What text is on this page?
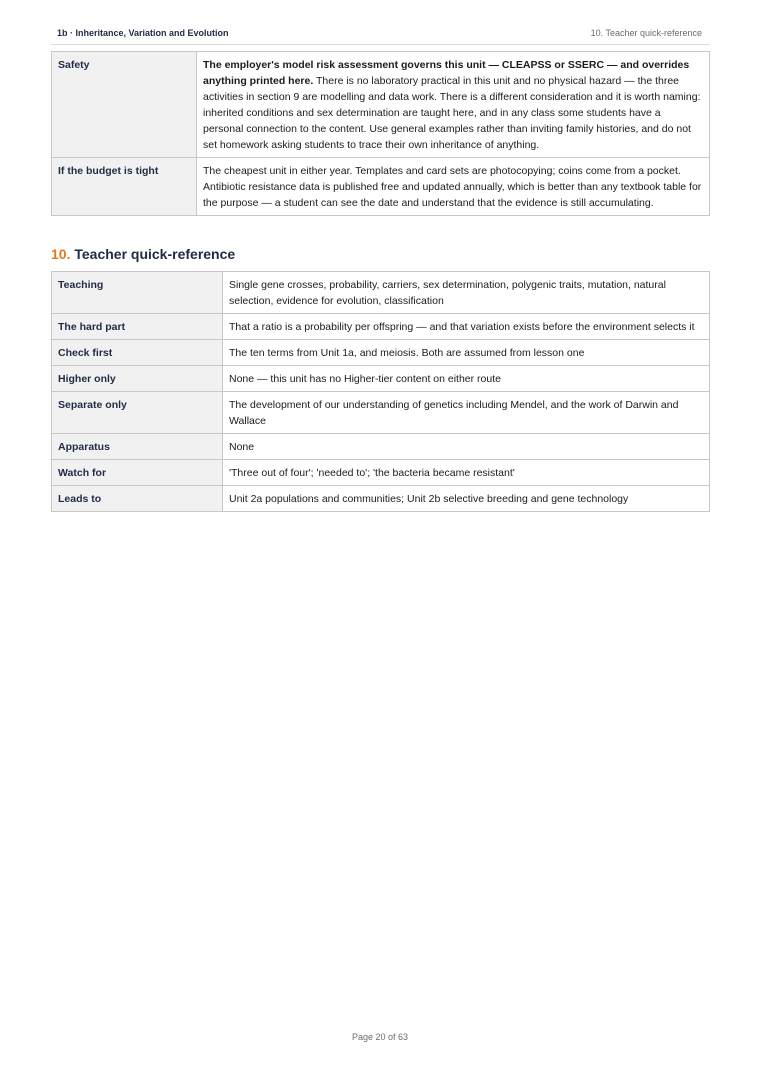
1b · Inheritance, Variation and Evolution	10. Teacher quick-reference
Safety	The employer's model risk assessment governs this unit — CLEAPSS or SSERC — and overrides anything printed here. There is no laboratory practical in this unit and no physical hazard — the three activities in section 9 are modelling and data work. There is a different consideration and it is worth naming: inherited conditions and sex determination are taught here, and in any class some students have a personal connection to the content. Use general examples rather than inviting family histories, and do not set homework asking students to trace their own inheritance of anything.
If the budget is tight	The cheapest unit in either year. Templates and card sets are photocopying; coins come from a pocket. Antibiotic resistance data is published free and updated annually, which is better than any textbook table for the purpose — a student can see the date and understand that the evidence is still accumulating.
10. Teacher quick-reference
Teaching	Single gene crosses, probability, carriers, sex determination, polygenic traits, mutation, natural selection, evidence for evolution, classification
The hard part	That a ratio is a probability per offspring — and that variation exists before the environment selects it
Check first	The ten terms from Unit 1a, and meiosis. Both are assumed from lesson one
Higher only	None — this unit has no Higher-tier content on either route
Separate only	The development of our understanding of genetics including Mendel, and the work of Darwin and Wallace
Apparatus	None
Watch for	'Three out of four'; 'needed to'; 'the bacteria became resistant'
Leads to	Unit 2a populations and communities; Unit 2b selective breeding and gene technology
Page 20 of 63
